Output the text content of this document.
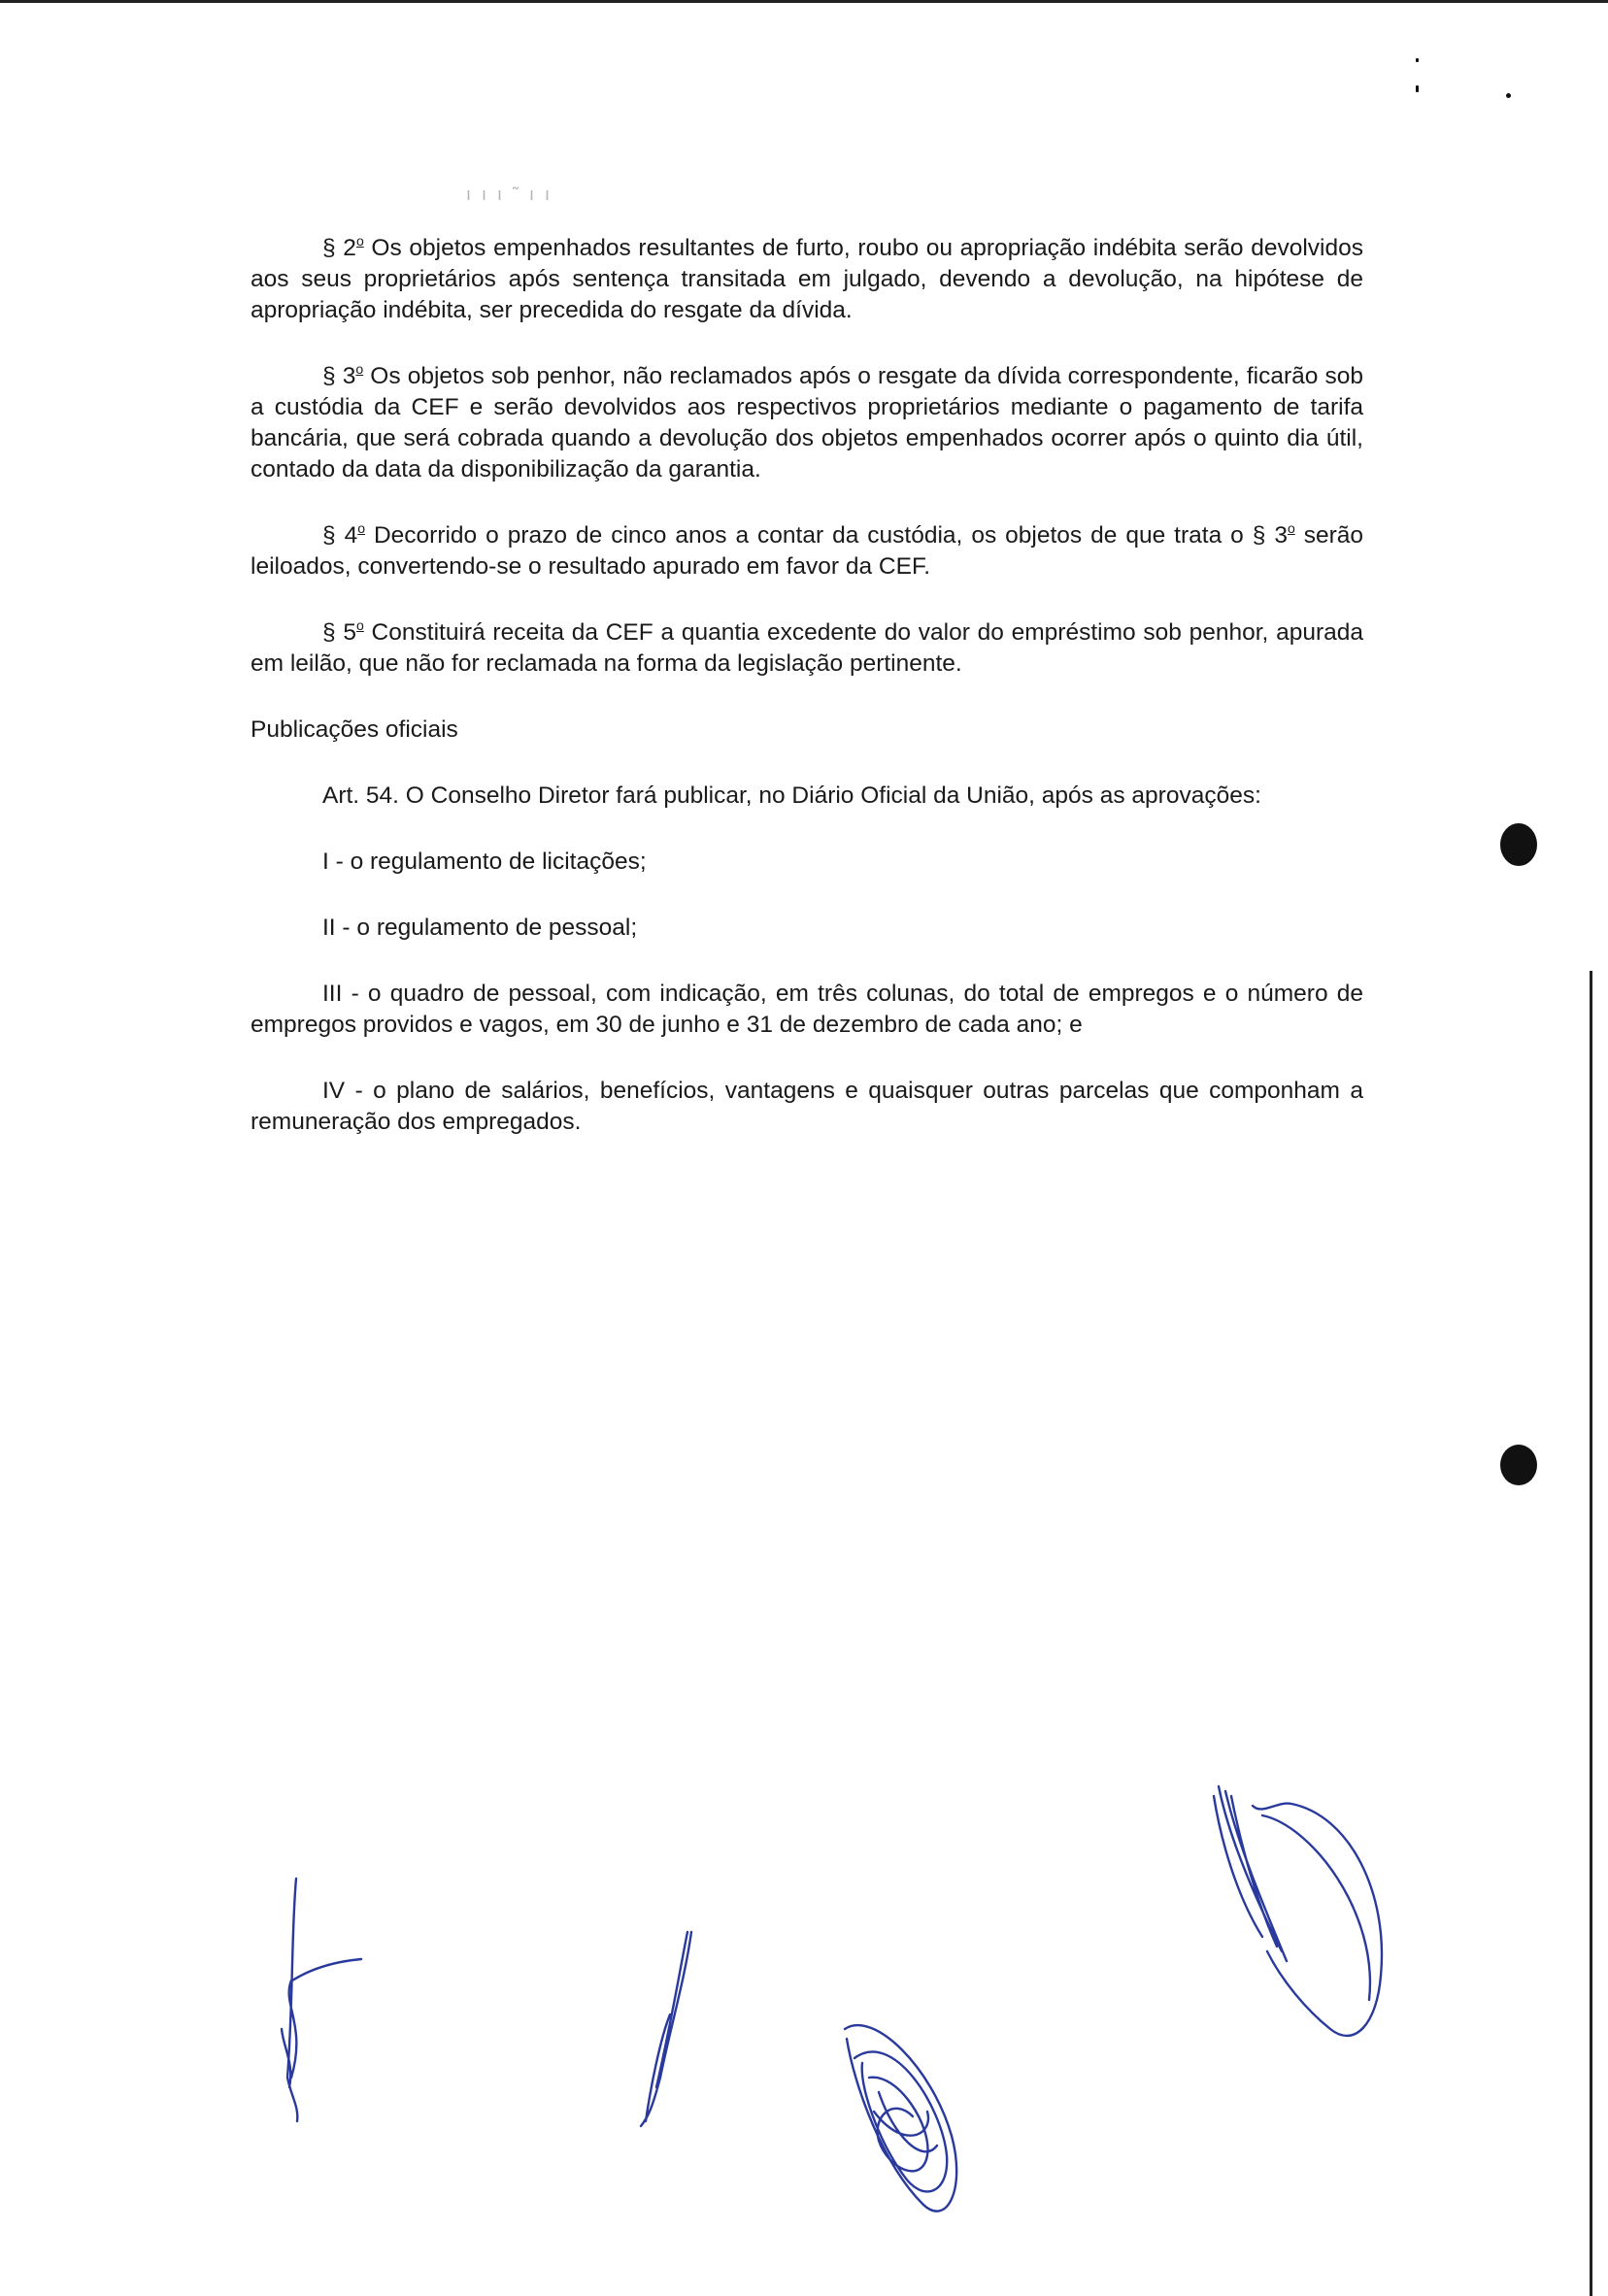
ı ı ı ˜ ı ı

§ 2$^o$ Os objetos empenhados resultantes de furto, roubo ou apropriação indébita serão devolvidos aos seus proprietários após sentença transitada em julgado, devendo a devolução, na hipótese de apropriação indébita, ser precedida do resgate da dívida.

§ 3$^o$ Os objetos sob penhor, não reclamados após o resgate da dívida correspondente, ficarão sob a custódia da CEF e serão devolvidos aos respectivos proprietários mediante o pagamento de tarifa bancária, que será cobrada quando a devolução dos objetos empenhados ocorrer após o quinto dia útil, contado da data da disponibilização da garantia.

§ 4$^o$ Decorrido o prazo de cinco anos a contar da custódia, os objetos de que trata o § 3$^o$ serão leiloados, convertendo-se o resultado apurado em favor da CEF.

§ 5$^o$ Constituirá receita da CEF a quantia excedente do valor do empréstimo sob penhor, apurada em leilão, que não for reclamada na forma da legislação pertinente.

Publicações oficiais

Art. 54. O Conselho Diretor fará publicar, no Diário Oficial da União, após as aprovações:

I - o regulamento de licitações;

II - o regulamento de pessoal;

III - o quadro de pessoal, com indicação, em três colunas, do total de empregos e o número de empregos providos e vagos, em 30 de junho e 31 de dezembro de cada ano; e

IV - o plano de salários, benefícios, vantagens e quaisquer outras parcelas que componham a remuneração dos empregados.
